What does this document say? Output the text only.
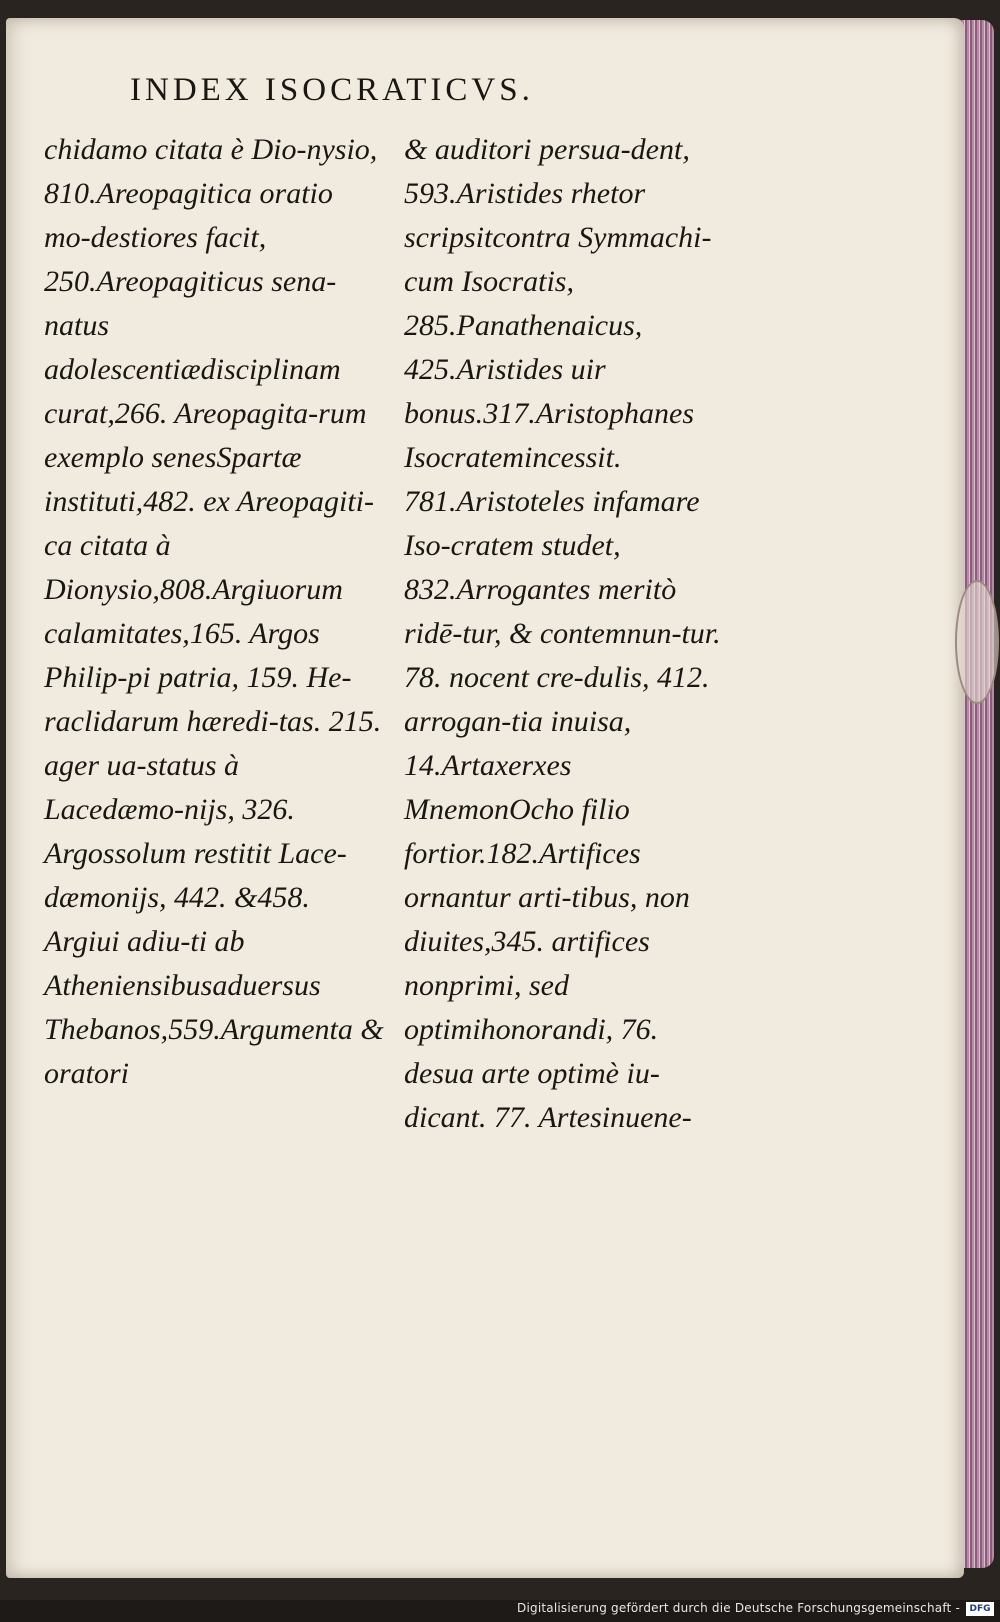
INDEX ISOCRATICVS.
chidamo citata è Dio-nysio, 810.Areopagitica oratio mo-destiores facit, 250.Areopagiticus sena-natus adolescentiædisciplinam curat,266. Areopagita-rum exemplo senesSpartæ instituti,482. ex Areopagiti-ca citata à Dionysio,808.Argiuorum calamitates,165. Argos Philip-pi patria, 159. He-raclidarum hæredi-tas. 215. ager ua-status à Lacedæmo-nijs, 326. Argossolum restitit Lace-dæmonijs, 442. &458. Argiui adiu-ti ab Atheniensibusaduersus Thebanos,559.Argumenta & oratori
& auditori persua-dent, 593.Aristides rhetor scripsitcontra Symmachi-cum Isocratis, 285.Panathenaicus, 425.Aristides uir bonus.317.Aristophanes Isocratemincessit. 781.Aristoteles infamare Iso-cratem studet, 832.Arrogantes meritò ridē-tur, & contemnun-tur. 78. nocent cre-dulis, 412. arrogan-tia inuisa, 14.Artaxerxes MnemonOcho filio fortior.182.Artifices ornantur arti-tibus, non diuites,345. artifices nonprimi, sed optimihonorandi, 76. desua arte optimè iu-dicant. 77. Artesinuene-
Digitalisierung gefördert durch die Deutsche Forschungsgemeinschaft -	DFG
